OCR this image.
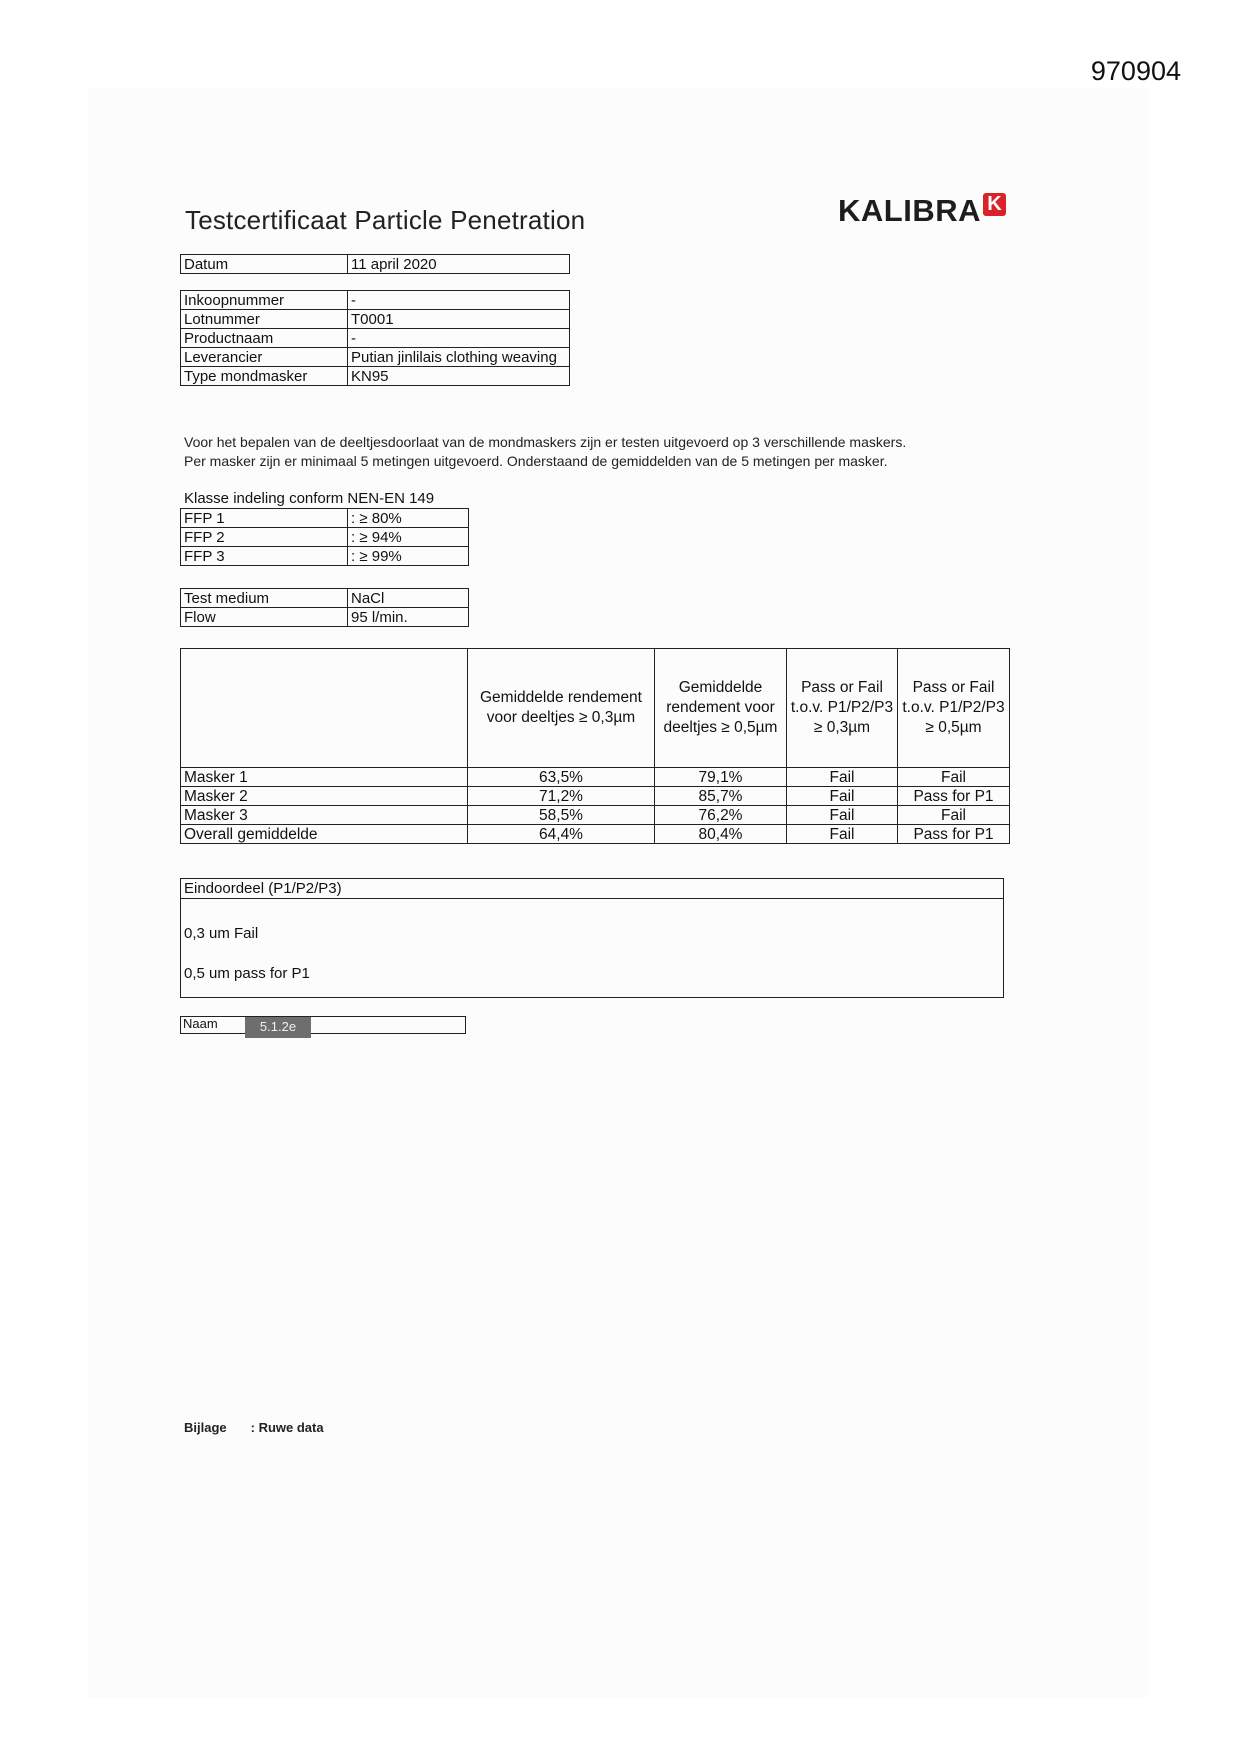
970904
Testcertificaat Particle Penetration	KALIBRA K
Datum	11 april 2020
Inkoopnummer	-
Lotnummer	T0001
Productnaam	-
Leverancier	Putian jinlilais clothing weaving
Type mondmasker	KN95
Voor het bepalen van de deeltjesdoorlaat van de mondmaskers zijn er testen uitgevoerd op 3 verschillende maskers.
Per masker zijn er minimaal 5 metingen uitgevoerd. Onderstaand de gemiddelden van de 5 metingen per masker.
Klasse indeling conform NEN-EN 149
FFP 1	: ≥ 80%
FFP 2	: ≥ 94%
FFP 3	: ≥ 99%
Test medium	NaCl
Flow	95 l/min.
	Gemiddelde rendement voor deeltjes ≥ 0,3µm	Gemiddelde rendement voor deeltjes ≥ 0,5µm	Pass or Fail t.o.v. P1/P2/P3 ≥ 0,3µm	Pass or Fail t.o.v. P1/P2/P3 ≥ 0,5µm
Masker 1	63,5%	79,1%	Fail	Fail
Masker 2	71,2%	85,7%	Fail	Pass for P1
Masker 3	58,5%	76,2%	Fail	Fail
Overall gemiddelde	64,4%	80,4%	Fail	Pass for P1
Eindoordeel (P1/P2/P3)
0,3 um Fail
0,5 um pass for P1
Naam	5.1.2e
Bijlage : Ruwe data
